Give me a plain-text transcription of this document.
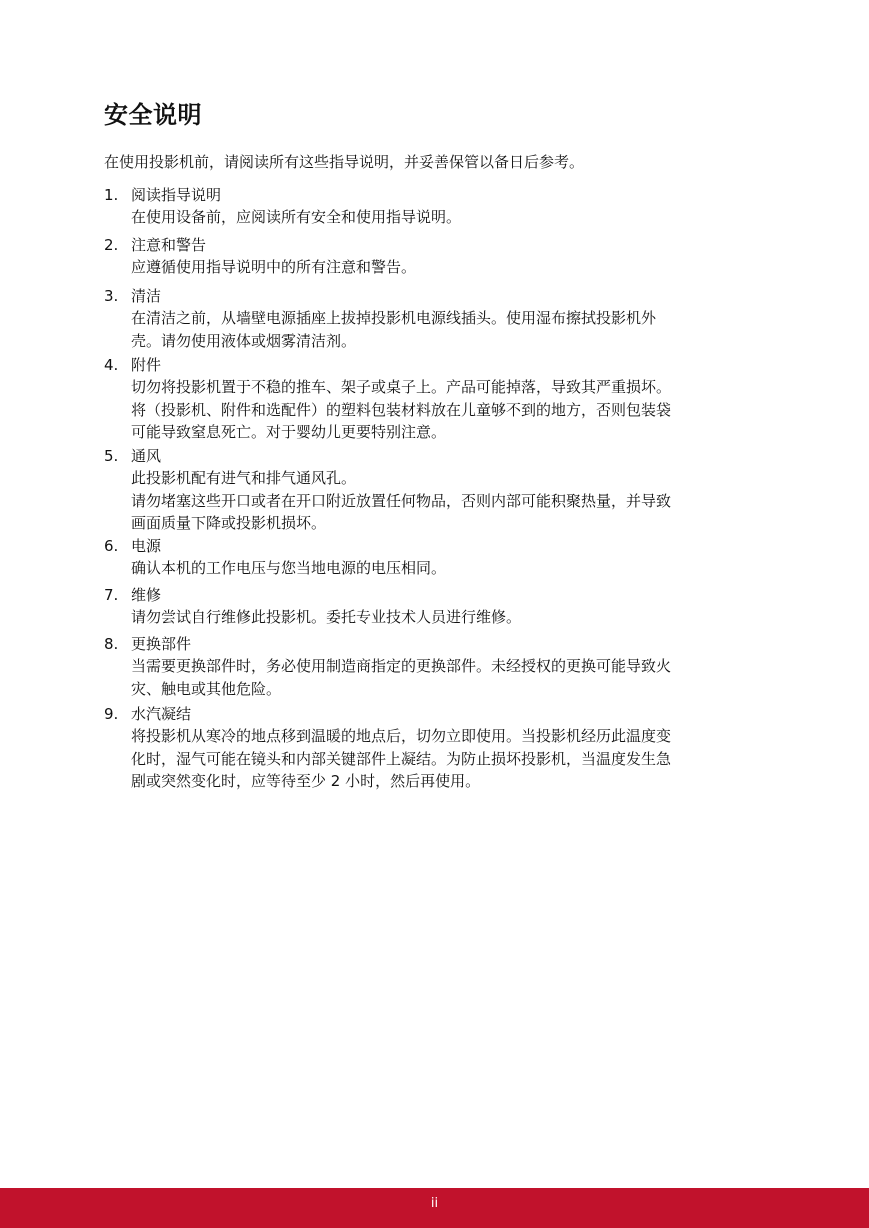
安全说明

在使用投影机前，请阅读所有这些指导说明，并妥善保管以备日后参考。

1. 阅读指导说明

在使用设备前，应阅读所有安全和使用指导说明。

2. 注意和警告

应遵循使用指导说明中的所有注意和警告。

3. 清洁

在清洁之前，从墙壁电源插座上拔掉投影机电源线插头。使用湿布擦拭投影机外
壳。请勿使用液体或烟雾清洁剂。

4. 附件

切勿将投影机置于不稳的推车、架子或桌子上。产品可能掉落，导致其严重损坏。
将（投影机、附件和选配件）的塑料包装材料放在儿童够不到的地方，否则包装袋
可能导致窒息死亡。对于婴幼儿更要特别注意。

5. 通风

此投影机配有进气和排气通风孔。
请勿堵塞这些开口或者在开口附近放置任何物品，否则内部可能积聚热量，并导致
画面质量下降或投影机损坏。

6. 电源

确认本机的工作电压与您当地电源的电压相同。

7. 维修

请勿尝试自行维修此投影机。委托专业技术人员进行维修。

8. 更换部件

当需要更换部件时，务必使用制造商指定的更换部件。未经授权的更换可能导致火
灾、触电或其他危险。

9. 水汽凝结

将投影机从寒冷的地点移到温暖的地点后，切勿立即使用。当投影机经历此温度变
化时，湿气可能在镜头和内部关键部件上凝结。为防止损坏投影机，当温度发生急
剧或突然变化时，应等待至少 2 小时，然后再使用。

ii
